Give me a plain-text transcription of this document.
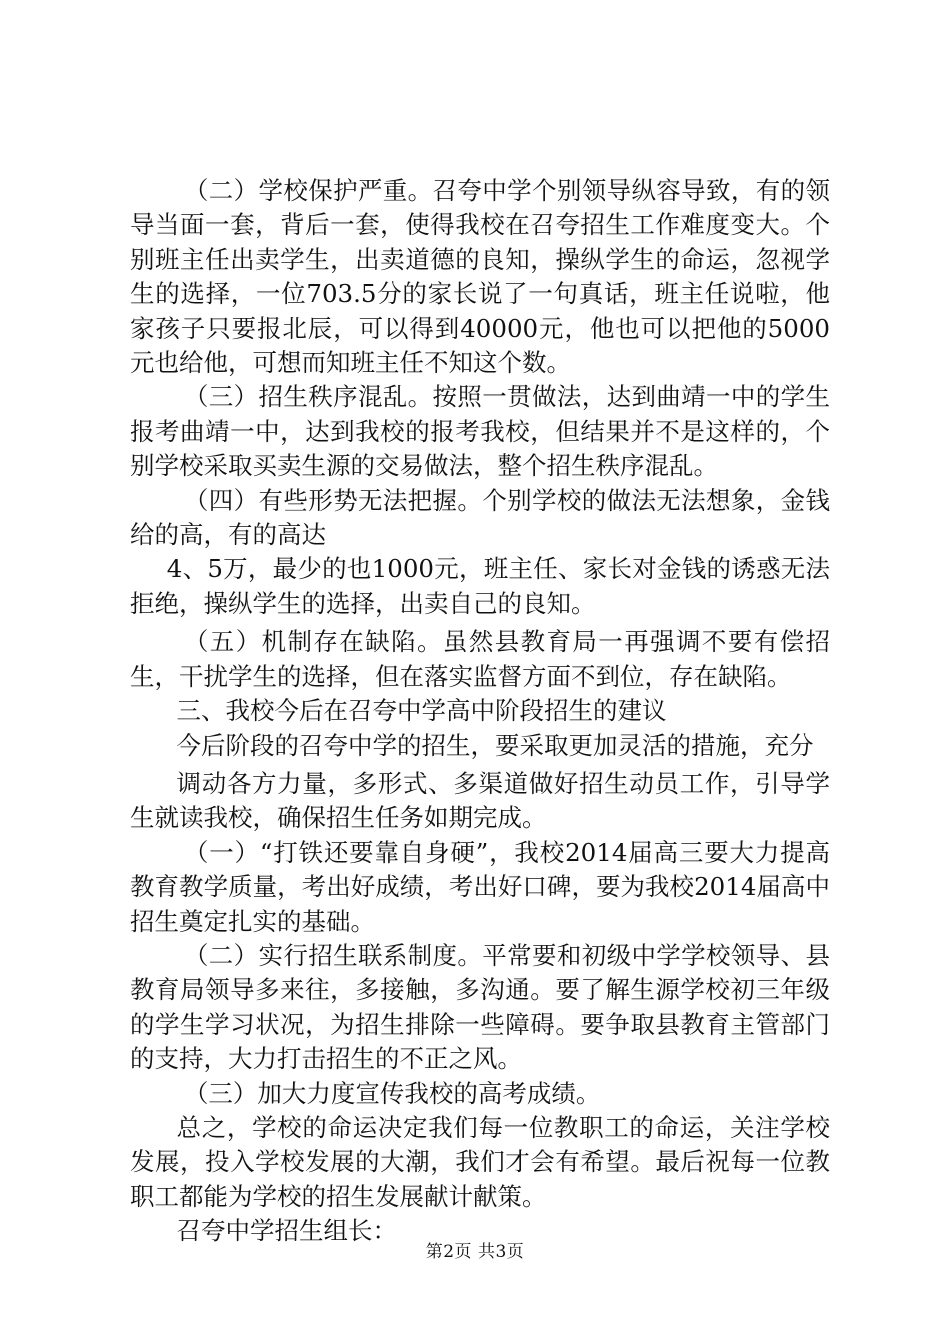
（二）学校保护严重。召夸中学个别领导纵容导致，有的领导当面一套，背后一套，使得我校在召夸招生工作难度变大。个别班主任出卖学生，出卖道德的良知，操纵学生的命运，忽视学生的选择，一位703.5分的家长说了一句真话，班主任说啦，他家孩子只要报北辰，可以得到40000元，他也可以把他的5000元也给他，可想而知班主任不知这个数。

（三）招生秩序混乱。按照一贯做法，达到曲靖一中的学生报考曲靖一中，达到我校的报考我校，但结果并不是这样的，个别学校采取买卖生源的交易做法，整个招生秩序混乱。

（四）有些形势无法把握。个别学校的做法无法想象，金钱给的高，有的高达

4、5万，最少的也1000元，班主任、家长对金钱的诱惑无法拒绝，操纵学生的选择，出卖自己的良知。

（五）机制存在缺陷。虽然县教育局一再强调不要有偿招生，干扰学生的选择，但在落实监督方面不到位，存在缺陷。

三、我校今后在召夸中学高中阶段招生的建议

今后阶段的召夸中学的招生，要采取更加灵活的措施，充分

调动各方力量，多形式、多渠道做好招生动员工作，引导学生就读我校，确保招生任务如期完成。

（一）“打铁还要靠自身硬”，我校2014届高三要大力提高教育教学质量，考出好成绩，考出好口碑，要为我校2014届高中招生奠定扎实的基础。

（二）实行招生联系制度。平常要和初级中学学校领导、县教育局领导多来往，多接触，多沟通。要了解生源学校初三年级的学生学习状况，为招生排除一些障碍。要争取县教育主管部门的支持，大力打击招生的不正之风。

（三）加大力度宣传我校的高考成绩。

总之，学校的命运决定我们每一位教职工的命运，关注学校发展，投入学校发展的大潮，我们才会有希望。最后祝每一位教职工都能为学校的招生发展献计献策。

召夸中学招生组长：

第2页 共3页
